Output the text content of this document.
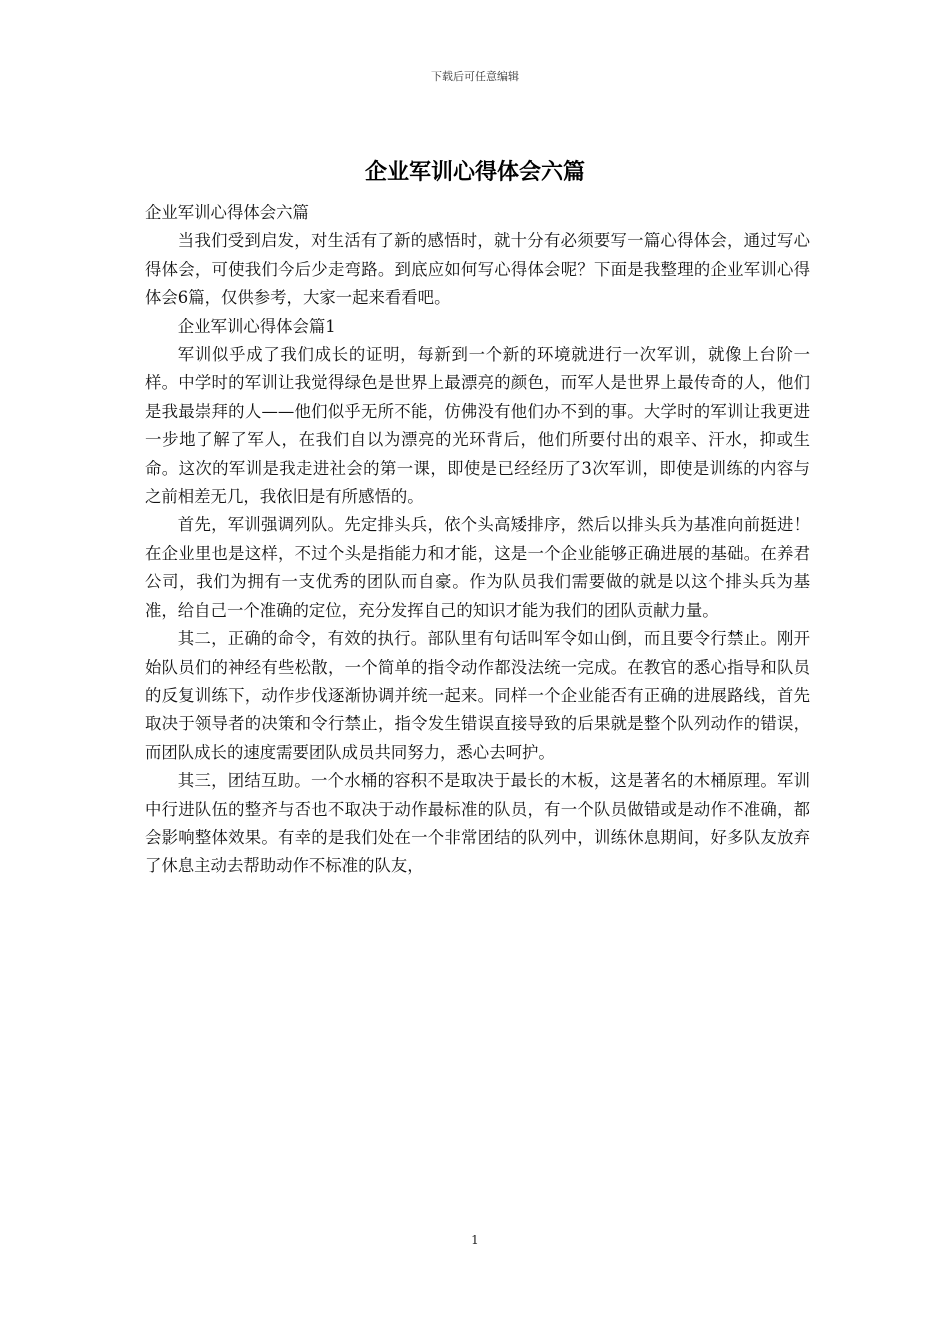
下载后可任意编辑
企业军训心得体会六篇

企业军训心得体会六篇

当我们受到启发，对生活有了新的感悟时，就十分有必须要写一篇心得体会，通过写心得体会，可使我们今后少走弯路。到底应如何写心得体会呢？下面是我整理的企业军训心得体会6篇，仅供参考，大家一起来看看吧。

企业军训心得体会篇1

军训似乎成了我们成长的证明，每新到一个新的环境就进行一次军训，就像上台阶一样。中学时的军训让我觉得绿色是世界上最漂亮的颜色，而军人是世界上最传奇的人，他们是我最崇拜的人——他们似乎无所不能，仿佛没有他们办不到的事。大学时的军训让我更进一步地了解了军人，在我们自以为漂亮的光环背后，他们所要付出的艰辛、汗水，抑或生命。这次的军训是我走进社会的第一课，即使是已经经历了3次军训，即使是训练的内容与之前相差无几，我依旧是有所感悟的。

首先，军训强调列队。先定排头兵，依个头高矮排序，然后以排头兵为基准向前挺进！在企业里也是这样，不过个头是指能力和才能，这是一个企业能够正确进展的基础。在养君公司，我们为拥有一支优秀的团队而自豪。作为队员我们需要做的就是以这个排头兵为基准，给自己一个准确的定位，充分发挥自己的知识才能为我们的团队贡献力量。

其二，正确的命令，有效的执行。部队里有句话叫军令如山倒，而且要令行禁止。刚开始队员们的神经有些松散，一个简单的指令动作都没法统一完成。在教官的悉心指导和队员的反复训练下，动作步伐逐渐协调并统一起来。同样一个企业能否有正确的进展路线，首先取决于领导者的决策和令行禁止，指令发生错误直接导致的后果就是整个队列动作的错误，而团队成长的速度需要团队成员共同努力，悉心去呵护。

其三，团结互助。一个水桶的容积不是取决于最长的木板，这是著名的木桶原理。军训中行进队伍的整齐与否也不取决于动作最标准的队员，有一个队员做错或是动作不准确，都会影响整体效果。有幸的是我们处在一个非常团结的队列中，训练休息期间，好多队友放弃了休息主动去帮助动作不标准的队友，

1
